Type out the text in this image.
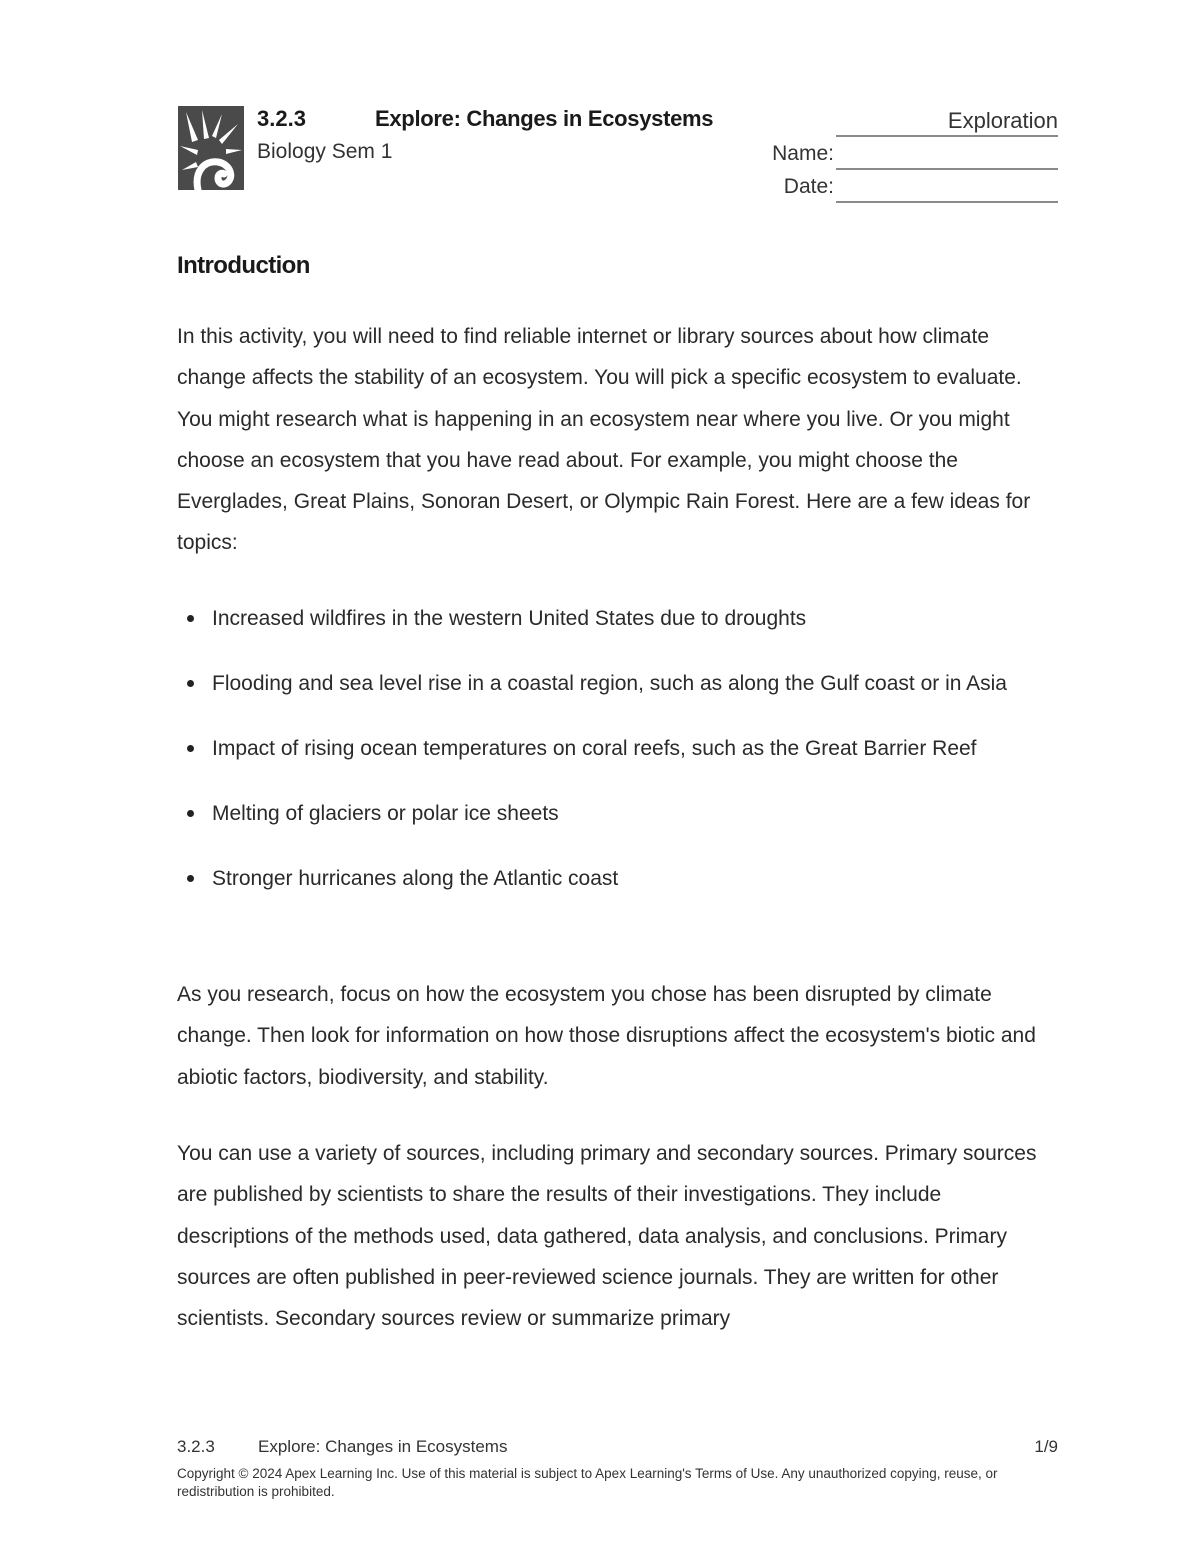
3.2.3	Explore: Changes in Ecosystems	Exploration
Biology Sem 1	Name:
Date:
Introduction

In this activity, you will need to find reliable internet or library sources about how climate change affects the stability of an ecosystem. You will pick a specific ecosystem to evaluate. You might research what is happening in an ecosystem near where you live. Or you might choose an ecosystem that you have read about. For example, you might choose the Everglades, Great Plains, Sonoran Desert, or Olympic Rain Forest. Here are a few ideas for topics:

Increased wildfires in the western United States due to droughts
Flooding and sea level rise in a coastal region, such as along the Gulf coast or in Asia
Impact of rising ocean temperatures on coral reefs, such as the Great Barrier Reef
Melting of glaciers or polar ice sheets
Stronger hurricanes along the Atlantic coast

As you research, focus on how the ecosystem you chose has been disrupted by climate change. Then look for information on how those disruptions affect the ecosystem's biotic and abiotic factors, biodiversity, and stability.

You can use a variety of sources, including primary and secondary sources. Primary sources are published by scientists to share the results of their investigations. They include descriptions of the methods used, data gathered, data analysis, and conclusions. Primary sources are often published in peer-reviewed science journals. They are written for other scientists. Secondary sources review or summarize primary

3.2.3	Explore: Changes in Ecosystems	1/9
Copyright © 2024 Apex Learning Inc. Use of this material is subject to Apex Learning's Terms of Use. Any unauthorized copying, reuse, or redistribution is prohibited.
